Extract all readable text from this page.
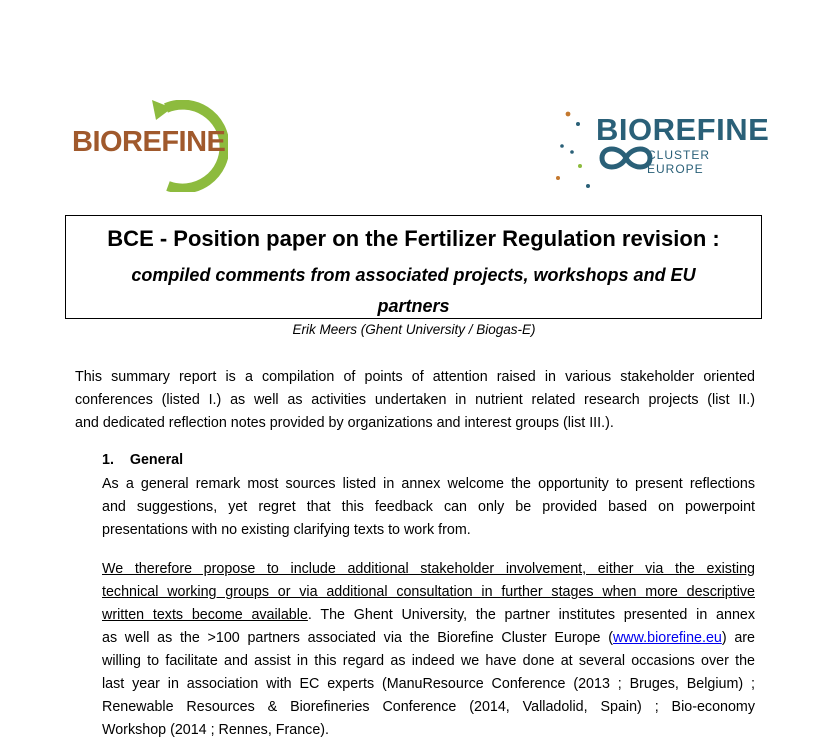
BIOREFINE	BIOREFINE
CLUSTER EUROPE
BCE - Position paper on the Fertilizer Regulation revision :
compiled comments from associated projects, workshops and EU
partners
Erik Meers (Ghent University / Biogas-E)
This summary report is a compilation of points of attention raised in various stakeholder oriented
conferences (listed I.) as well as activities undertaken in nutrient related research projects (list II.)
and dedicated reflection notes provided by organizations and interest groups (list III.).
1. General
As a general remark most sources listed in annex welcome the opportunity to present reflections
and suggestions, yet regret that this feedback can only be provided based on powerpoint
presentations with no existing clarifying texts to work from.
We therefore propose to include additional stakeholder involvement, either via the existing
technical working groups or via additional consultation in further stages when more descriptive
written texts become available. The Ghent University, the partner institutes presented in annex
as well as the >100 partners associated via the Biorefine Cluster Europe (www.biorefine.eu) are
willing to facilitate and assist in this regard as indeed we have done at several occasions over the
last year in association with EC experts (ManuResource Conference (2013 ; Bruges, Belgium) ;
Renewable Resources & Biorefineries Conference (2014, Valladolid, Spain) ; Bio-economy
Workshop (2014 ; Rennes, France).
